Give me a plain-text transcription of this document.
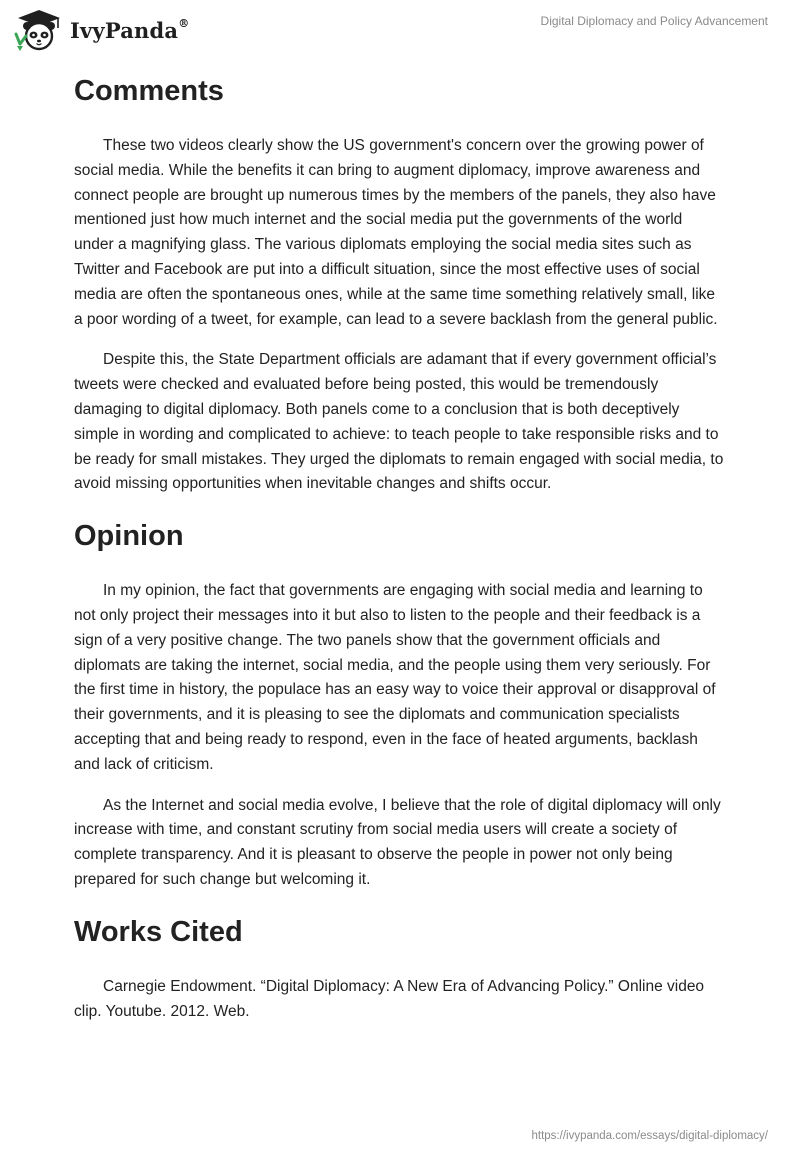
IvyPanda®	Digital Diplomacy and Policy Advancement
Comments

These two videos clearly show the US government's concern over the growing power of social media. While the benefits it can bring to augment diplomacy, improve awareness and connect people are brought up numerous times by the members of the panels, they also have mentioned just how much internet and the social media put the governments of the world under a magnifying glass. The various diplomats employing the social media sites such as Twitter and Facebook are put into a difficult situation, since the most effective uses of social media are often the spontaneous ones, while at the same time something relatively small, like a poor wording of a tweet, for example, can lead to a severe backlash from the general public.

Despite this, the State Department officials are adamant that if every government official’s tweets were checked and evaluated before being posted, this would be tremendously damaging to digital diplomacy. Both panels come to a conclusion that is both deceptively simple in wording and complicated to achieve: to teach people to take responsible risks and to be ready for small mistakes. They urged the diplomats to remain engaged with social media, to avoid missing opportunities when inevitable changes and shifts occur.

Opinion

In my opinion, the fact that governments are engaging with social media and learning to not only project their messages into it but also to listen to the people and their feedback is a sign of a very positive change. The two panels show that the government officials and diplomats are taking the internet, social media, and the people using them very seriously. For the first time in history, the populace has an easy way to voice their approval or disapproval of their governments, and it is pleasing to see the diplomats and communication specialists accepting that and being ready to respond, even in the face of heated arguments, backlash and lack of criticism.

As the Internet and social media evolve, I believe that the role of digital diplomacy will only increase with time, and constant scrutiny from social media users will create a society of complete transparency. And it is pleasant to observe the people in power not only being prepared for such change but welcoming it.

Works Cited

Carnegie Endowment. “Digital Diplomacy: A New Era of Advancing Policy.” Online video clip. Youtube. 2012. Web.

https://ivypanda.com/essays/digital-diplomacy/
